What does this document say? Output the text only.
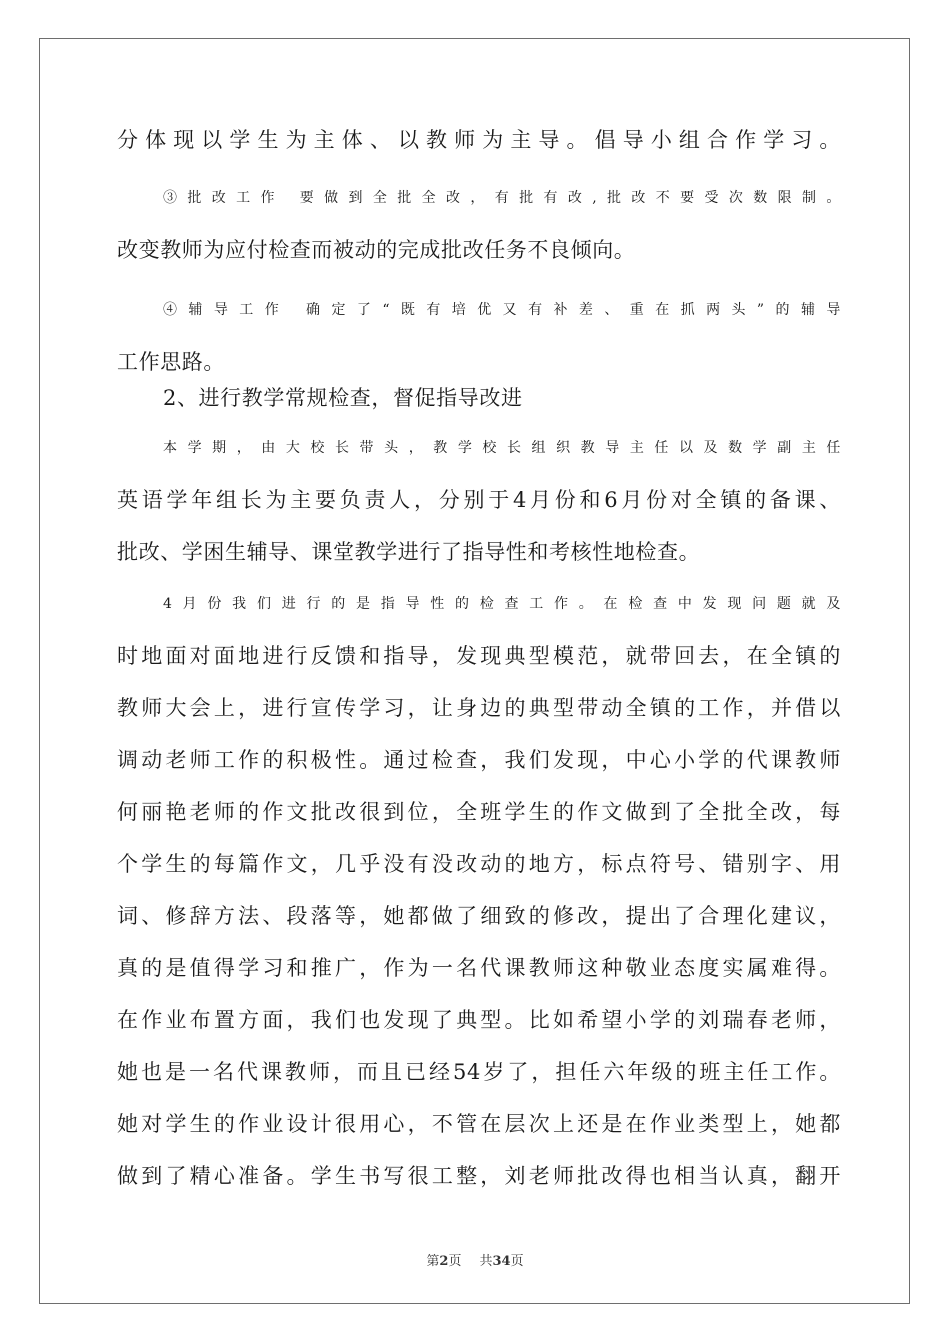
分体现以学生为主体、以教师为主导。倡导小组合作学习。
③批改工作 要做到全批全改，有批有改,批改不要受次数限制。
改变教师为应付检查而被动的完成批改任务不良倾向。
④辅导工作 确定了“既有培优又有补差、重在抓两头”的辅导
工作思路。
2、进行教学常规检查，督促指导改进
本学期，由大校长带头，教学校长组织教导主任以及数学副主任
英语学年组长为主要负责人，分别于4月份和6月份对全镇的备课、
批改、学困生辅导、课堂教学进行了指导性和考核性地检查。
4月份我们进行的是指导性的检查工作。在检查中发现问题就及
时地面对面地进行反馈和指导，发现典型模范，就带回去，在全镇的
教师大会上，进行宣传学习，让身边的典型带动全镇的工作，并借以
调动老师工作的积极性。通过检查，我们发现，中心小学的代课教师
何丽艳老师的作文批改很到位，全班学生的作文做到了全批全改，每
个学生的每篇作文，几乎没有没改动的地方，标点符号、错别字、用
词、修辞方法、段落等，她都做了细致的修改，提出了合理化建议，
真的是值得学习和推广，作为一名代课教师这种敬业态度实属难得。
在作业布置方面，我们也发现了典型。比如希望小学的刘瑞春老师，
她也是一名代课教师，而且已经54岁了，担任六年级的班主任工作。
她对学生的作业设计很用心，不管在层次上还是在作业类型上，她都
做到了精心准备。学生书写很工整，刘老师批改得也相当认真，翻开
第2页 共34页
